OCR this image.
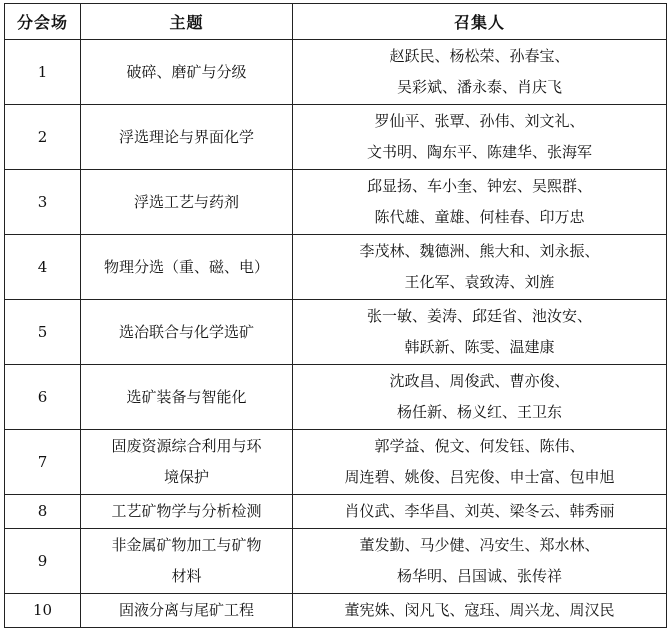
分会场	主题	召集人
1	破碎、磨矿与分级	赵跃民、杨松荣、孙春宝、
吴彩斌、潘永泰、肖庆飞

2	浮选理论与界面化学	罗仙平、张覃、孙伟、刘文礼、
文书明、陶东平、陈建华、张海军

3	浮选工艺与药剂	邱显扬、车小奎、钟宏、吴熙群、
陈代雄、童雄、何桂春、印万忠

4	物理分选（重、磁、电）	李茂林、魏德洲、熊大和、刘永振、
王化军、袁致涛、刘旌

5	选冶联合与化学选矿	张一敏、姜涛、邱廷省、池汝安、
韩跃新、陈雯、温建康

6	选矿装备与智能化	沈政昌、周俊武、曹亦俊、
杨任新、杨义红、王卫东

7	固废资源综合利用与环
境保护	郭学益、倪文、何发钰、陈伟、
周连碧、姚俊、吕宪俊、申士富、包申旭

8	工艺矿物学与分析检测	肖仪武、李华昌、刘英、梁冬云、韩秀丽

9	非金属矿物加工与矿物
材料	董发勤、马少健、冯安生、郑水林、
杨华明、吕国诚、张传祥

10	固液分离与尾矿工程	董宪姝、闵凡飞、寇珏、周兴龙、周汉民
